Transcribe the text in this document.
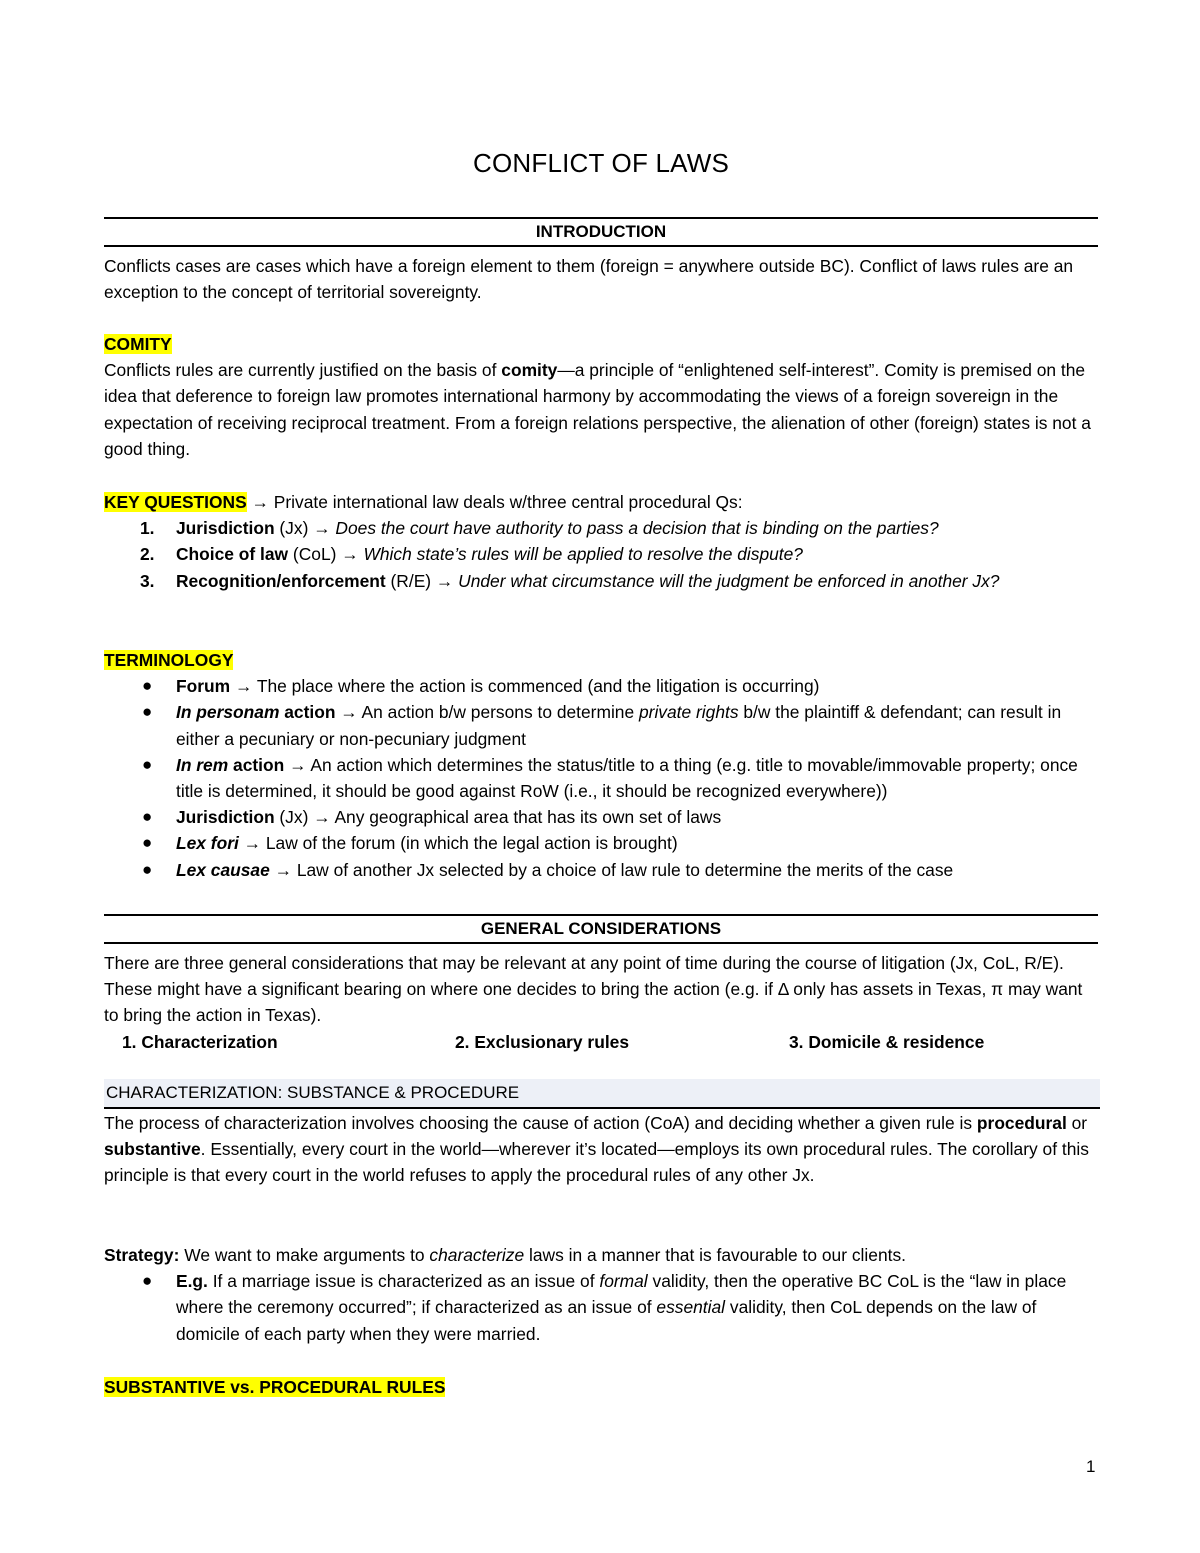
CONFLICT OF LAWS
INTRODUCTION

Conflicts cases are cases which have a foreign element to them (foreign = anywhere outside BC). Conflict of laws rules are an exception to the concept of territorial sovereignty.

COMITY

Conflicts rules are currently justified on the basis of comity—a principle of “enlightened self-interest”. Comity is premised on the idea that deference to foreign law promotes international harmony by accommodating the views of a foreign sovereign in the expectation of receiving reciprocal treatment. From a foreign relations perspective, the alienation of other (foreign) states is not a good thing.

KEY QUESTIONS → Private international law deals w/three central procedural Qs:

1. Jurisdiction (Jx) → Does the court have authority to pass a decision that is binding on the parties?
2. Choice of law (CoL) → Which state’s rules will be applied to resolve the dispute?
3. Recognition/enforcement (R/E) → Under what circumstance will the judgment be enforced in another Jx?

TERMINOLOGY

● Forum → The place where the action is commenced (and the litigation is occurring)
● In personam action → An action b/w persons to determine private rights b/w the plaintiff & defendant; can result in either a pecuniary or non-pecuniary judgment
● In rem action → An action which determines the status/title to a thing (e.g. title to movable/immovable property; once title is determined, it should be good against RoW (i.e., it should be recognized everywhere))
● Jurisdiction (Jx) → Any geographical area that has its own set of laws
● Lex fori → Law of the forum (in which the legal action is brought)
● Lex causae → Law of another Jx selected by a choice of law rule to determine the merits of the case
GENERAL CONSIDERATIONS

There are three general considerations that may be relevant at any point of time during the course of litigation (Jx, CoL, R/E). These might have a significant bearing on where one decides to bring the action (e.g. if Δ only has assets in Texas, π may want to bring the action in Texas).

1. Characterization	2. Exclusionary rules	3. Domicile & residence
CHARACTERIZATION: SUBSTANCE & PROCEDURE

The process of characterization involves choosing the cause of action (CoA) and deciding whether a given rule is procedural or substantive. Essentially, every court in the world—wherever it’s located—employs its own procedural rules. The corollary of this principle is that every court in the world refuses to apply the procedural rules of any other Jx.

Strategy: We want to make arguments to characterize laws in a manner that is favourable to our clients.

● E.g. If a marriage issue is characterized as an issue of formal validity, then the operative BC CoL is the “law in place where the ceremony occurred”; if characterized as an issue of essential validity, then CoL depends on the law of domicile of each party when they were married.

SUBSTANTIVE vs. PROCEDURAL RULES

1
